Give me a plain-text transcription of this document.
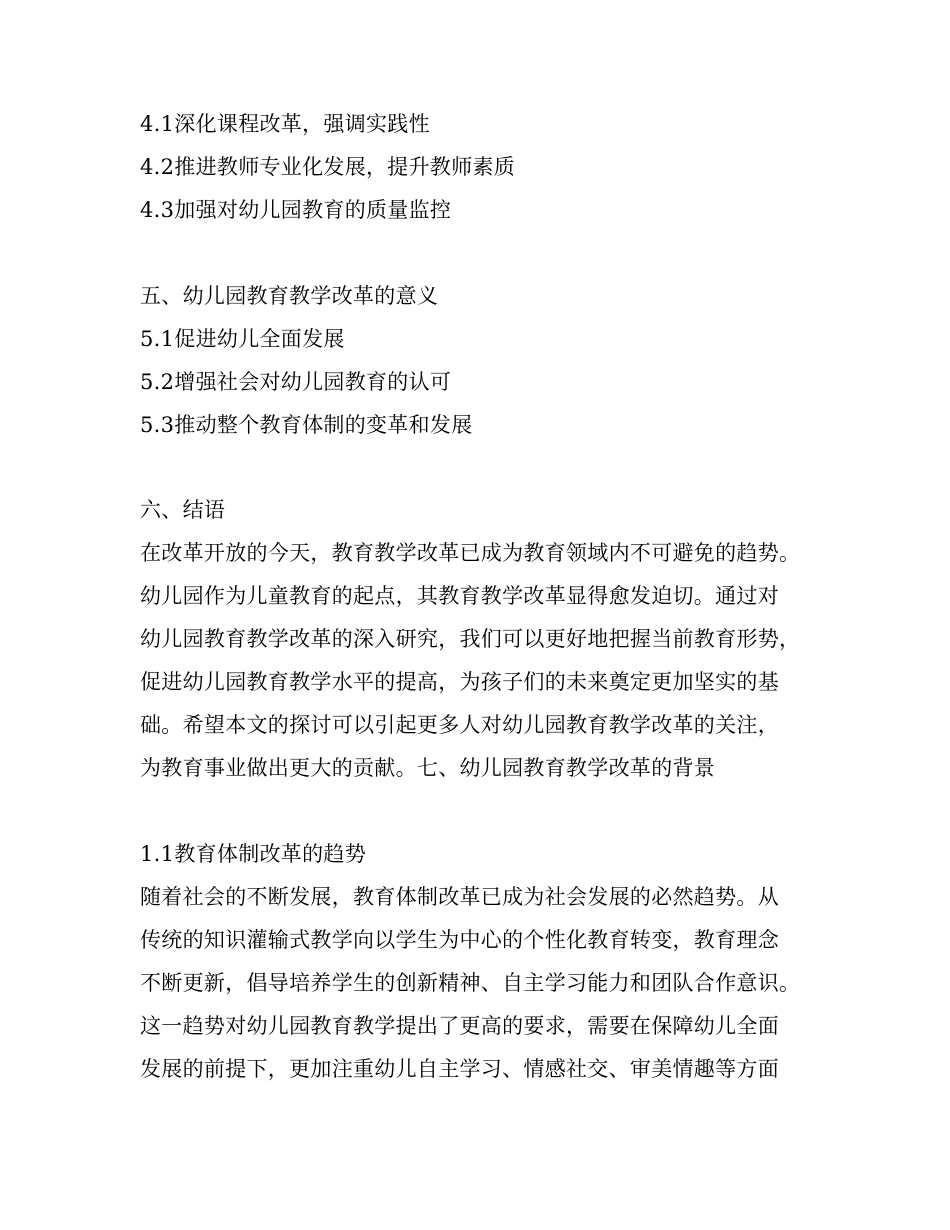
4.1深化课程改革，强调实践性
4.2推进教师专业化发展，提升教师素质
4.3加强对幼儿园教育的质量监控
五、幼儿园教育教学改革的意义
5.1促进幼儿全面发展
5.2增强社会对幼儿园教育的认可
5.3推动整个教育体制的变革和发展
六、结语
在改革开放的今天，教育教学改革已成为教育领域内不可避免的趋势。
幼儿园作为儿童教育的起点，其教育教学改革显得愈发迫切。通过对
幼儿园教育教学改革的深入研究，我们可以更好地把握当前教育形势，
促进幼儿园教育教学水平的提高，为孩子们的未来奠定更加坚实的基
础。希望本文的探讨可以引起更多人对幼儿园教育教学改革的关注，
为教育事业做出更大的贡献。七、幼儿园教育教学改革的背景
1.1教育体制改革的趋势
随着社会的不断发展，教育体制改革已成为社会发展的必然趋势。从
传统的知识灌输式教学向以学生为中心的个性化教育转变，教育理念
不断更新，倡导培养学生的创新精神、自主学习能力和团队合作意识。
这一趋势对幼儿园教育教学提出了更高的要求，需要在保障幼儿全面
发展的前提下，更加注重幼儿自主学习、情感社交、审美情趣等方面
